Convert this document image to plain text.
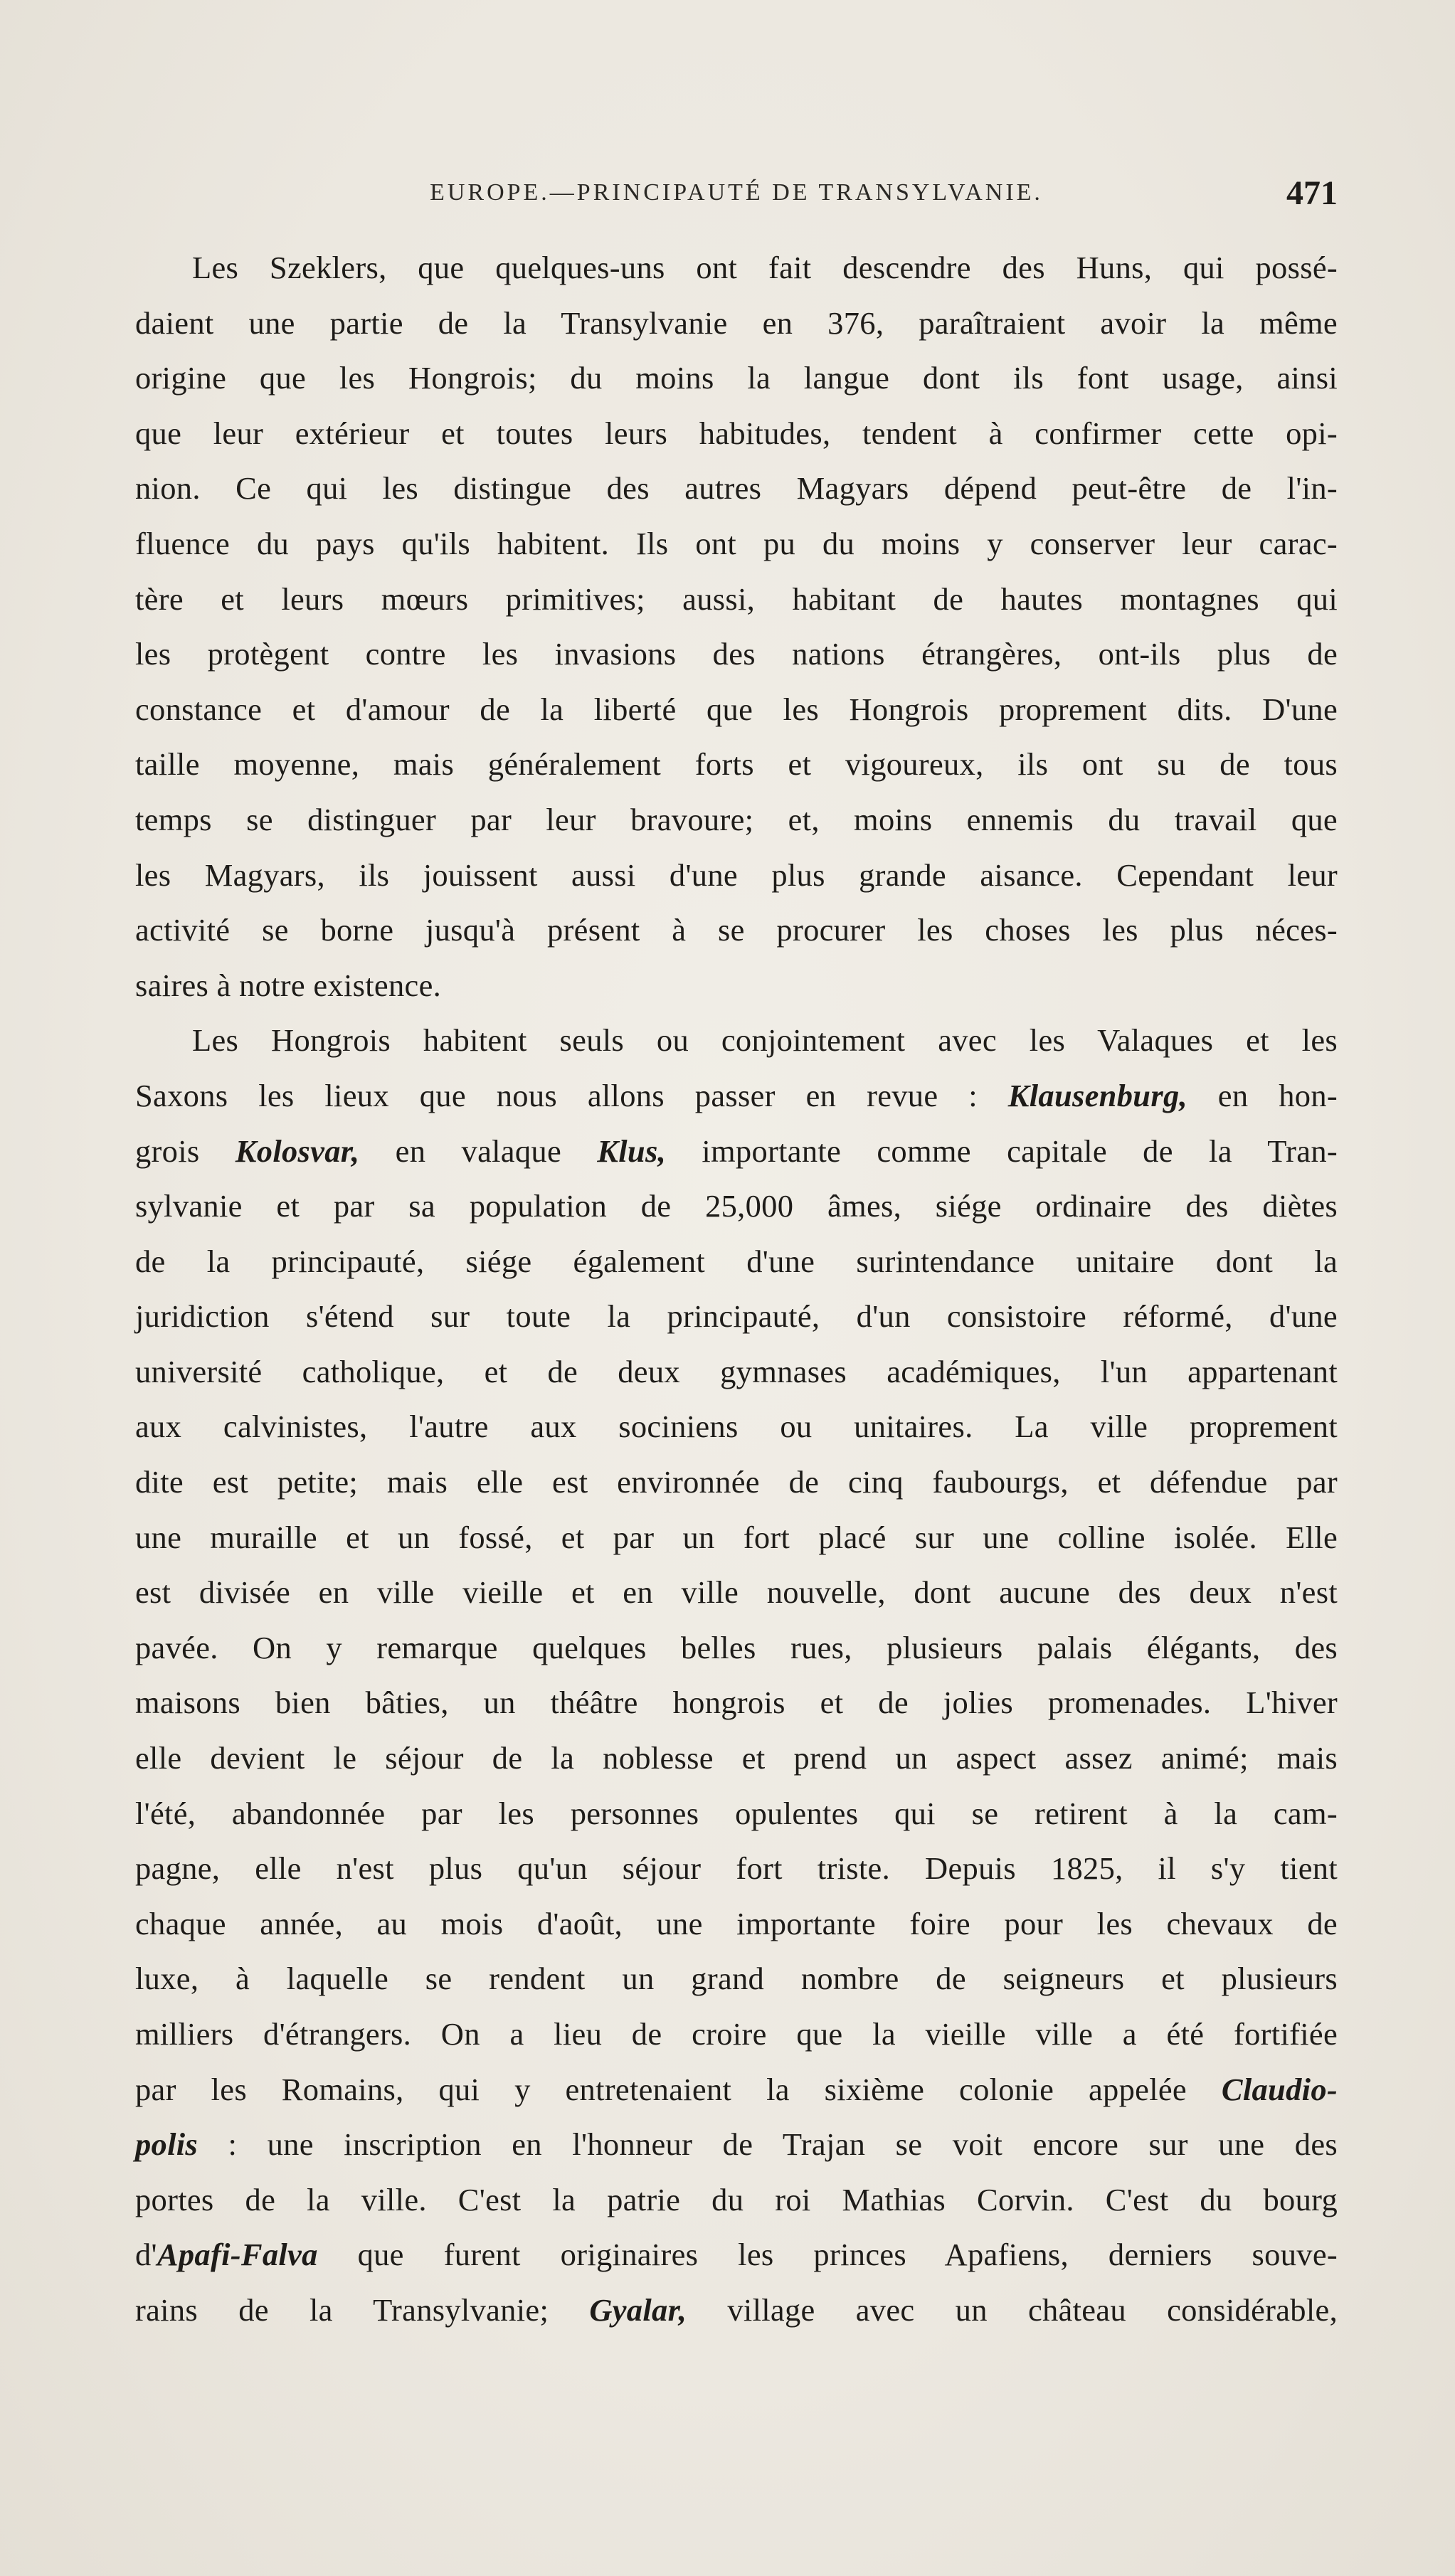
EUROPE.—PRINCIPAUTÉ DE TRANSYLVANIE.	471
Les Szeklers, que quelques-uns ont fait descendre des Huns, qui possé-
daient une partie de la Transylvanie en 376, paraîtraient avoir la même
origine que les Hongrois; du moins la langue dont ils font usage, ainsi
que leur extérieur et toutes leurs habitudes, tendent à confirmer cette opi-
nion. Ce qui les distingue des autres Magyars dépend peut-être de l'in-
fluence du pays qu'ils habitent. Ils ont pu du moins y conserver leur carac-
tère et leurs mœurs primitives; aussi, habitant de hautes montagnes qui
les protègent contre les invasions des nations étrangères, ont-ils plus de
constance et d'amour de la liberté que les Hongrois proprement dits. D'une
taille moyenne, mais généralement forts et vigoureux, ils ont su de tous
temps se distinguer par leur bravoure; et, moins ennemis du travail que
les Magyars, ils jouissent aussi d'une plus grande aisance. Cependant leur
activité se borne jusqu'à présent à se procurer les choses les plus néces-
saires à notre existence.
Les Hongrois habitent seuls ou conjointement avec les Valaques et les
Saxons les lieux que nous allons passer en revue : Klausenburg, en hon-
grois Kolosvar, en valaque Klus, importante comme capitale de la Tran-
sylvanie et par sa population de 25,000 âmes, siége ordinaire des diètes
de la principauté, siége également d'une surintendance unitaire dont la
juridiction s'étend sur toute la principauté, d'un consistoire réformé, d'une
université catholique, et de deux gymnases académiques, l'un appartenant
aux calvinistes, l'autre aux sociniens ou unitaires. La ville proprement
dite est petite; mais elle est environnée de cinq faubourgs, et défendue par
une muraille et un fossé, et par un fort placé sur une colline isolée. Elle
est divisée en ville vieille et en ville nouvelle, dont aucune des deux n'est
pavée. On y remarque quelques belles rues, plusieurs palais élégants, des
maisons bien bâties, un théâtre hongrois et de jolies promenades. L'hiver
elle devient le séjour de la noblesse et prend un aspect assez animé; mais
l'été, abandonnée par les personnes opulentes qui se retirent à la cam-
pagne, elle n'est plus qu'un séjour fort triste. Depuis 1825, il s'y tient
chaque année, au mois d'août, une importante foire pour les chevaux de
luxe, à laquelle se rendent un grand nombre de seigneurs et plusieurs
milliers d'étrangers. On a lieu de croire que la vieille ville a été fortifiée
par les Romains, qui y entretenaient la sixième colonie appelée Claudio-
polis : une inscription en l'honneur de Trajan se voit encore sur une des
portes de la ville. C'est la patrie du roi Mathias Corvin. C'est du bourg
d'Apafi-Falva que furent originaires les princes Apafiens, derniers souve-
rains de la Transylvanie; Gyalar, village avec un château considérable,
